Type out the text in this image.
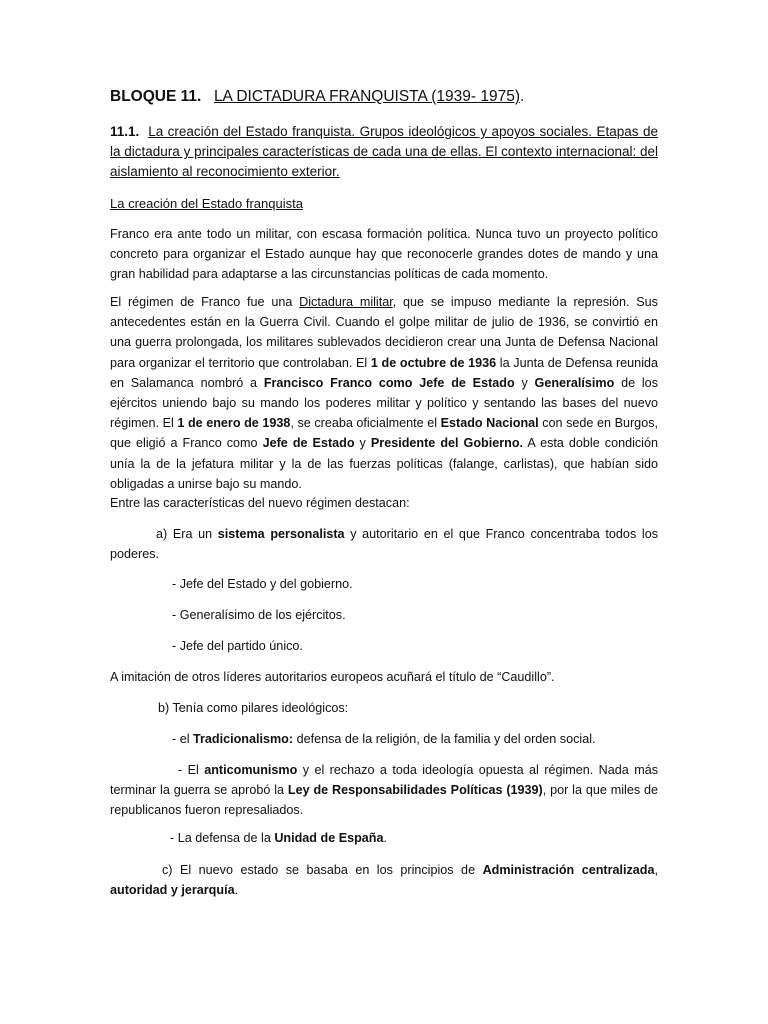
BLOQUE 11. LA DICTADURA FRANQUISTA (1939- 1975).
11.1. La creación del Estado franquista. Grupos ideológicos y apoyos sociales. Etapas de la dictadura y principales características de cada una de ellas. El contexto internacional: del aislamiento al reconocimiento exterior.
La creación del Estado franquista

Franco era ante todo un militar, con escasa formación política. Nunca tuvo un proyecto político concreto para organizar el Estado aunque hay que reconocerle grandes dotes de mando y una gran habilidad para adaptarse a las circunstancias políticas de cada momento.

El régimen de Franco fue una Dictadura militar, que se impuso mediante la represión. Sus antecedentes están en la Guerra Civil. Cuando el golpe militar de julio de 1936, se convirtió en una guerra prolongada, los militares sublevados decidieron crear una Junta de Defensa Nacional para organizar el territorio que controlaban. El 1 de octubre de 1936 la Junta de Defensa reunida en Salamanca nombró a Francisco Franco como Jefe de Estado y Generalísimo de los ejércitos uniendo bajo su mando los poderes militar y político y sentando las bases del nuevo régimen. El 1 de enero de 1938, se creaba oficialmente el Estado Nacional con sede en Burgos, que eligió a Franco como Jefe de Estado y Presidente del Gobierno. A esta doble condición unía la de la jefatura militar y la de las fuerzas políticas (falange, carlistas), que habían sido obligadas a unirse bajo su mando.

Entre las características del nuevo régimen destacan:

a) Era un sistema personalista y autoritario en el que Franco concentraba todos los poderes.

- Jefe del Estado y del gobierno.
- Generalísimo de los ejércitos.
- Jefe del partido único.

A imitación de otros líderes autoritarios europeos acuñará el título de “Caudillo”.

b) Tenía como pilares ideológicos:
- el Tradicionalismo: defensa de la religión, de la familia y del orden social.

- El anticomunismo y el rechazo a toda ideología opuesta al régimen. Nada más terminar la guerra se aprobó la Ley de Responsabilidades Políticas (1939), por la que miles de republicanos fueron represaliados.

- La defensa de la Unidad de España.

c) El nuevo estado se basaba en los principios de Administración centralizada, autoridad y jerarquía.
